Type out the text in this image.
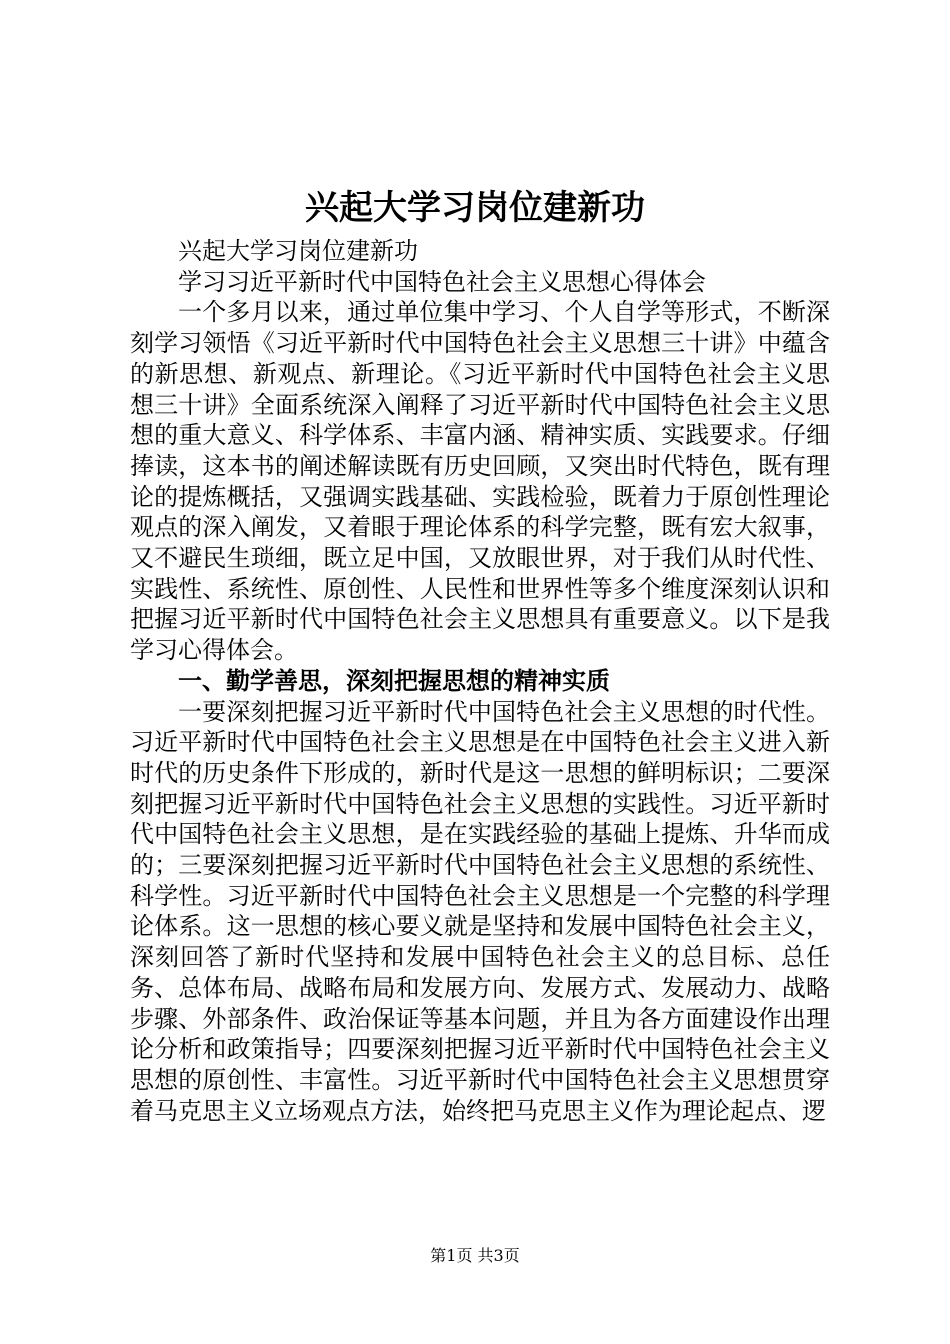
兴起大学习岗位建新功

兴起大学习岗位建新功

学习习近平新时代中国特色社会主义思想心得体会

一个多月以来，通过单位集中学习、个人自学等形式，不断深刻学习领悟《习近平新时代中国特色社会主义思想三十讲》中蕴含的新思想、新观点、新理论。《习近平新时代中国特色社会主义思想三十讲》全面系统深入阐释了习近平新时代中国特色社会主义思想的重大意义、科学体系、丰富内涵、精神实质、实践要求。仔细捧读，这本书的阐述解读既有历史回顾，又突出时代特色，既有理论的提炼概括，又强调实践基础、实践检验，既着力于原创性理论观点的深入阐发，又着眼于理论体系的科学完整，既有宏大叙事，又不避民生琐细，既立足中国，又放眼世界，对于我们从时代性、实践性、系统性、原创性、人民性和世界性等多个维度深刻认识和把握习近平新时代中国特色社会主义思想具有重要意义。以下是我学习心得体会。

一、勤学善思，深刻把握思想的精神实质

一要深刻把握习近平新时代中国特色社会主义思想的时代性。习近平新时代中国特色社会主义思想是在中国特色社会主义进入新时代的历史条件下形成的，新时代是这一思想的鲜明标识；二要深刻把握习近平新时代中国特色社会主义思想的实践性。习近平新时代中国特色社会主义思想，是在实践经验的基础上提炼、升华而成的；三要深刻把握习近平新时代中国特色社会主义思想的系统性、科学性。习近平新时代中国特色社会主义思想是一个完整的科学理论体系。这一思想的核心要义就是坚持和发展中国特色社会主义，深刻回答了新时代坚持和发展中国特色社会主义的总目标、总任务、总体布局、战略布局和发展方向、发展方式、发展动力、战略步骤、外部条件、政治保证等基本问题，并且为各方面建设作出理论分析和政策指导；四要深刻把握习近平新时代中国特色社会主义思想的原创性、丰富性。习近平新时代中国特色社会主义思想贯穿着马克思主义立场观点方法，始终把马克思主义作为理论起点、逻

第1页 共3页
